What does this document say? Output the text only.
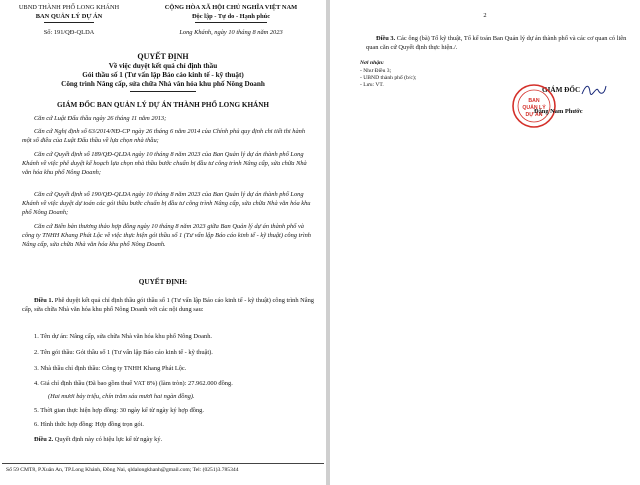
UBND THÀNH PHỐ LONG KHÁNH
BAN QUẢN LÝ DỰ ÁN
Số: 191/QĐ-QLDA
CỘNG HÒA XÃ HỘI CHỦ NGHĨA VIỆT NAM
Độc lập - Tự do - Hạnh phúc
Long Khánh, ngày 10 tháng 8 năm 2023
QUYẾT ĐỊNH
Về việc duyệt kết quả chỉ định thầu
Gói thầu số 1 (Tư vấn lập Báo cáo kinh tế - kỹ thuật)
Công trình Nâng cấp, sửa chữa Nhà văn hóa khu phố Nông Doanh
GIÁM ĐỐC BAN QUẢN LÝ DỰ ÁN THÀNH PHỐ LONG KHÁNH
Căn cứ Luật Đấu thầu ngày 26 tháng 11 năm 2013;
Căn cứ Nghị định số 63/2014/NĐ-CP ngày 26 tháng 6 năm 2014 của Chính phủ quy định chi tiết thi hành một số điều của Luật Đấu thầu về lựa chọn nhà thầu;
Căn cứ Quyết định số 189/QĐ-QLDA ngày 10 tháng 8 năm 2023 của Ban Quản lý dự án thành phố Long Khánh về việc phê duyệt kế hoạch lựa chọn nhà thầu bước chuẩn bị đầu tư công trình Nâng cấp, sửa chữa Nhà văn hóa khu phố Nông Doanh;
Căn cứ Quyết định số 190/QĐ-QLDA ngày 10 tháng 8 năm 2023 của Ban Quản lý dự án thành phố Long Khánh về việc duyệt dự toán các gói thầu bước chuẩn bị đầu tư công trình Nâng cấp, sửa chữa Nhà văn hóa khu phố Nông Doanh;
Căn cứ Biên bản thương thảo hợp đồng ngày 10 tháng 8 năm 2023 giữa Ban Quản lý dự án thành phố và công ty TNHH Khang Phát Lộc về việc thực hiện gói thầu số 1 (Tư vấn lập Báo cáo kinh tế - kỹ thuật) công trình Nâng cấp, sửa chữa Nhà văn hóa khu phố Nông Doanh.
QUYẾT ĐỊNH:
Điều 1. Phê duyệt kết quả chỉ định thầu gói thầu số 1 (Tư vấn lập Báo cáo kinh tế - kỹ thuật) công trình Nâng cấp, sửa chữa Nhà văn hóa khu phố Nông Doanh với các nội dung sau:
1. Tên dự án: Nâng cấp, sửa chữa Nhà văn hóa khu phố Nông Doanh.
2. Tên gói thầu: Gói thầu số 1 (Tư vấn lập Báo cáo kinh tế - kỹ thuật).
3. Nhà thầu chỉ định thầu: Công ty TNHH Khang Phát Lộc.
4. Giá chỉ định thầu (Đã bao gồm thuế VAT 8%) (làm tròn): 27.962.000 đồng.
(Hai mươi bảy triệu, chín trăm sáu mươi hai ngàn đồng).
5. Thời gian thực hiện hợp đồng: 30 ngày kể từ ngày ký hợp đồng.
6. Hình thức hợp đồng: Hợp đồng trọn gói.
Điều 2. Quyết định này có hiệu lực kể từ ngày ký.
Số 59 CMT8, P.Xuân An, TP.Long Khánh, Đồng Nai, qldalongkhanh@gmail.com; Tel: (0251)3.785344
2
Điều 3. Các ông (bà) Tổ kỹ thuật, Tổ kế toán Ban Quản lý dự án thành phố và các cơ quan có liên quan căn cứ Quyết định thực hiện./.
Nơi nhận:
- Như Điều 3;
- UBND thành phố (b/c);
- Lưu: VT.
GIÁM ĐỐC
BAN
QUẢN LÝ
DỰ ÁN
Đặng Nam Phước
